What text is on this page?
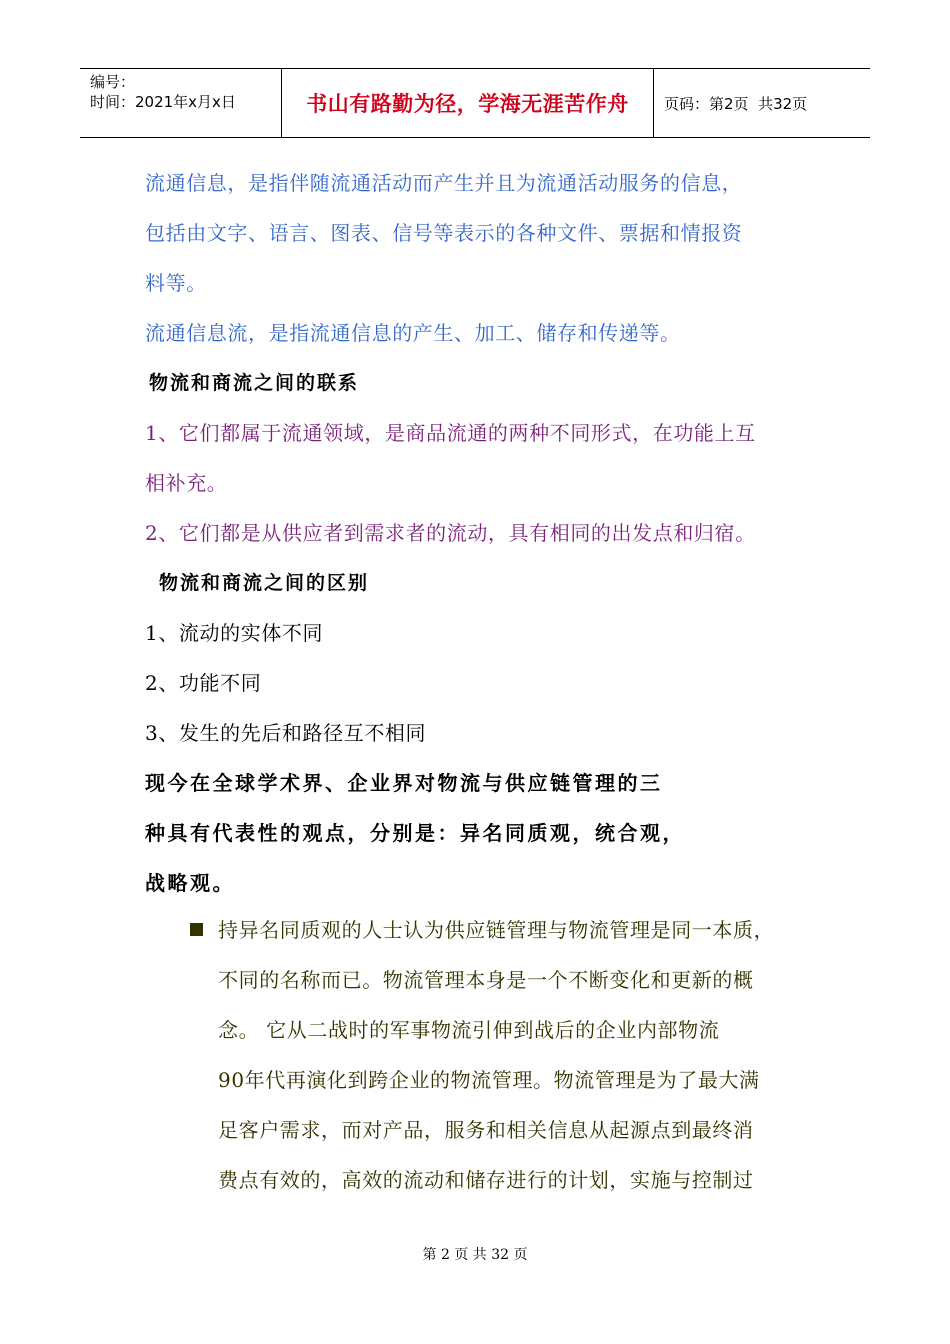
编号：
时间：2021年x月x日	书山有路勤为径，学海无涯苦作舟	页码：第2页  共32页
流通信息，是指伴随流通活动而产生并且为流通活动服务的信息，
包括由文字、语言、图表、信号等表示的各种文件、票据和情报资
料等。
流通信息流，是指流通信息的产生、加工、储存和传递等。
物流和商流之间的联系
1、它们都属于流通领域，是商品流通的两种不同形式，在功能上互
相补充。
2、它们都是从供应者到需求者的流动，具有相同的出发点和归宿。
物流和商流之间的区别
1、流动的实体不同
2、功能不同
3、发生的先后和路径互不相同
现今在全球学术界、企业界对物流与供应链管理的三
种具有代表性的观点，分别是：异名同质观，统合观，
战略观。
持异名同质观的人士认为供应链管理与物流管理是同一本质，
不同的名称而已。物流管理本身是一个不断变化和更新的概
念。 它从二战时的军事物流引伸到战后的企业内部物流
90年代再演化到跨企业的物流管理。物流管理是为了最大满
足客户需求，而对产品，服务和相关信息从起源点到最终消
费点有效的，高效的流动和储存进行的计划，实施与控制过
第 2 页 共 32 页
